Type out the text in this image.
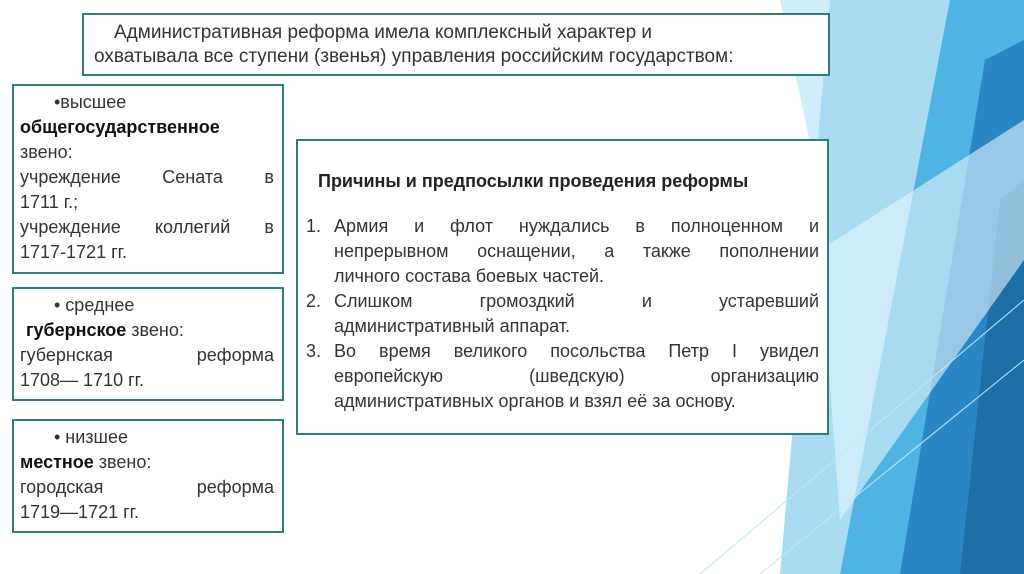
Административная реформа имела комплексный характер и
охватывала все ступени (звенья) управления российским государством:
•высшее
общегосударственное
звено:
учреждение Сената в
1711 г.;
учреждение коллегий в
1717-1721 гг.
• среднее
губернское звено:
губернская реформа
1708— 1710 гг.
• низшее
местное звено:
городская реформа
1719—1721 гг.
Причины и предпосылки проведения реформы
1. Армия и флот нуждались в полноценном и
непрерывном оснащении, а также пополнении
личного состава боевых частей.
2. Слишком громоздкий и устаревший
административный аппарат.
3. Во время великого посольства Петр I увидел
европейскую (шведскую) организацию
административных органов и взял её за основу.
